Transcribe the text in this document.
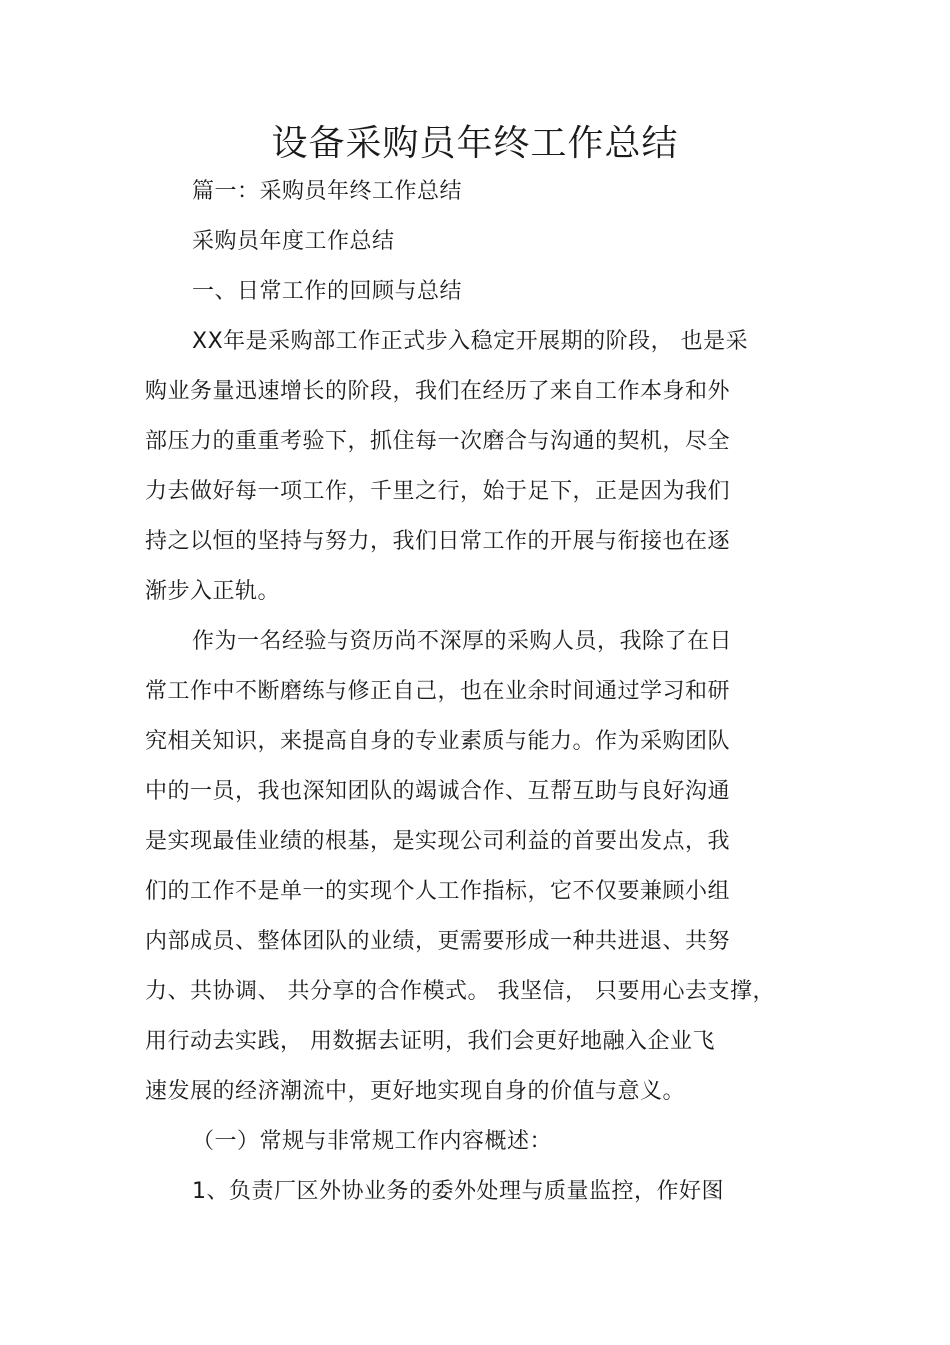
设备采购员年终工作总结
篇一：采购员年终工作总结
采购员年度工作总结
一、日常工作的回顾与总结
XX年是采购部工作正式步入稳定开展期的阶段， 也是采
购业务量迅速增长的阶段，我们在经历了来自工作本身和外
部压力的重重考验下，抓住每一次磨合与沟通的契机，尽全
力去做好每一项工作，千里之行，始于足下，正是因为我们
持之以恒的坚持与努力，我们日常工作的开展与衔接也在逐
渐步入正轨。
作为一名经验与资历尚不深厚的采购人员，我除了在日
常工作中不断磨练与修正自己，也在业余时间通过学习和研
究相关知识，来提高自身的专业素质与能力。作为采购团队
中的一员，我也深知团队的竭诚合作、互帮互助与良好沟通
是实现最佳业绩的根基，是实现公司利益的首要出发点，我
们的工作不是单一的实现个人工作指标，它不仅要兼顾小组
内部成员、整体团队的业绩，更需要形成一种共进退、共努
力、共协调、 共分享的合作模式。 我坚信， 只要用心去支撑，
用行动去实践， 用数据去证明，我们会更好地融入企业飞
速发展的经济潮流中，更好地实现自身的价值与意义。
（一）常规与非常规工作内容概述：
1、负责厂区外协业务的委外处理与质量监控，作好图
